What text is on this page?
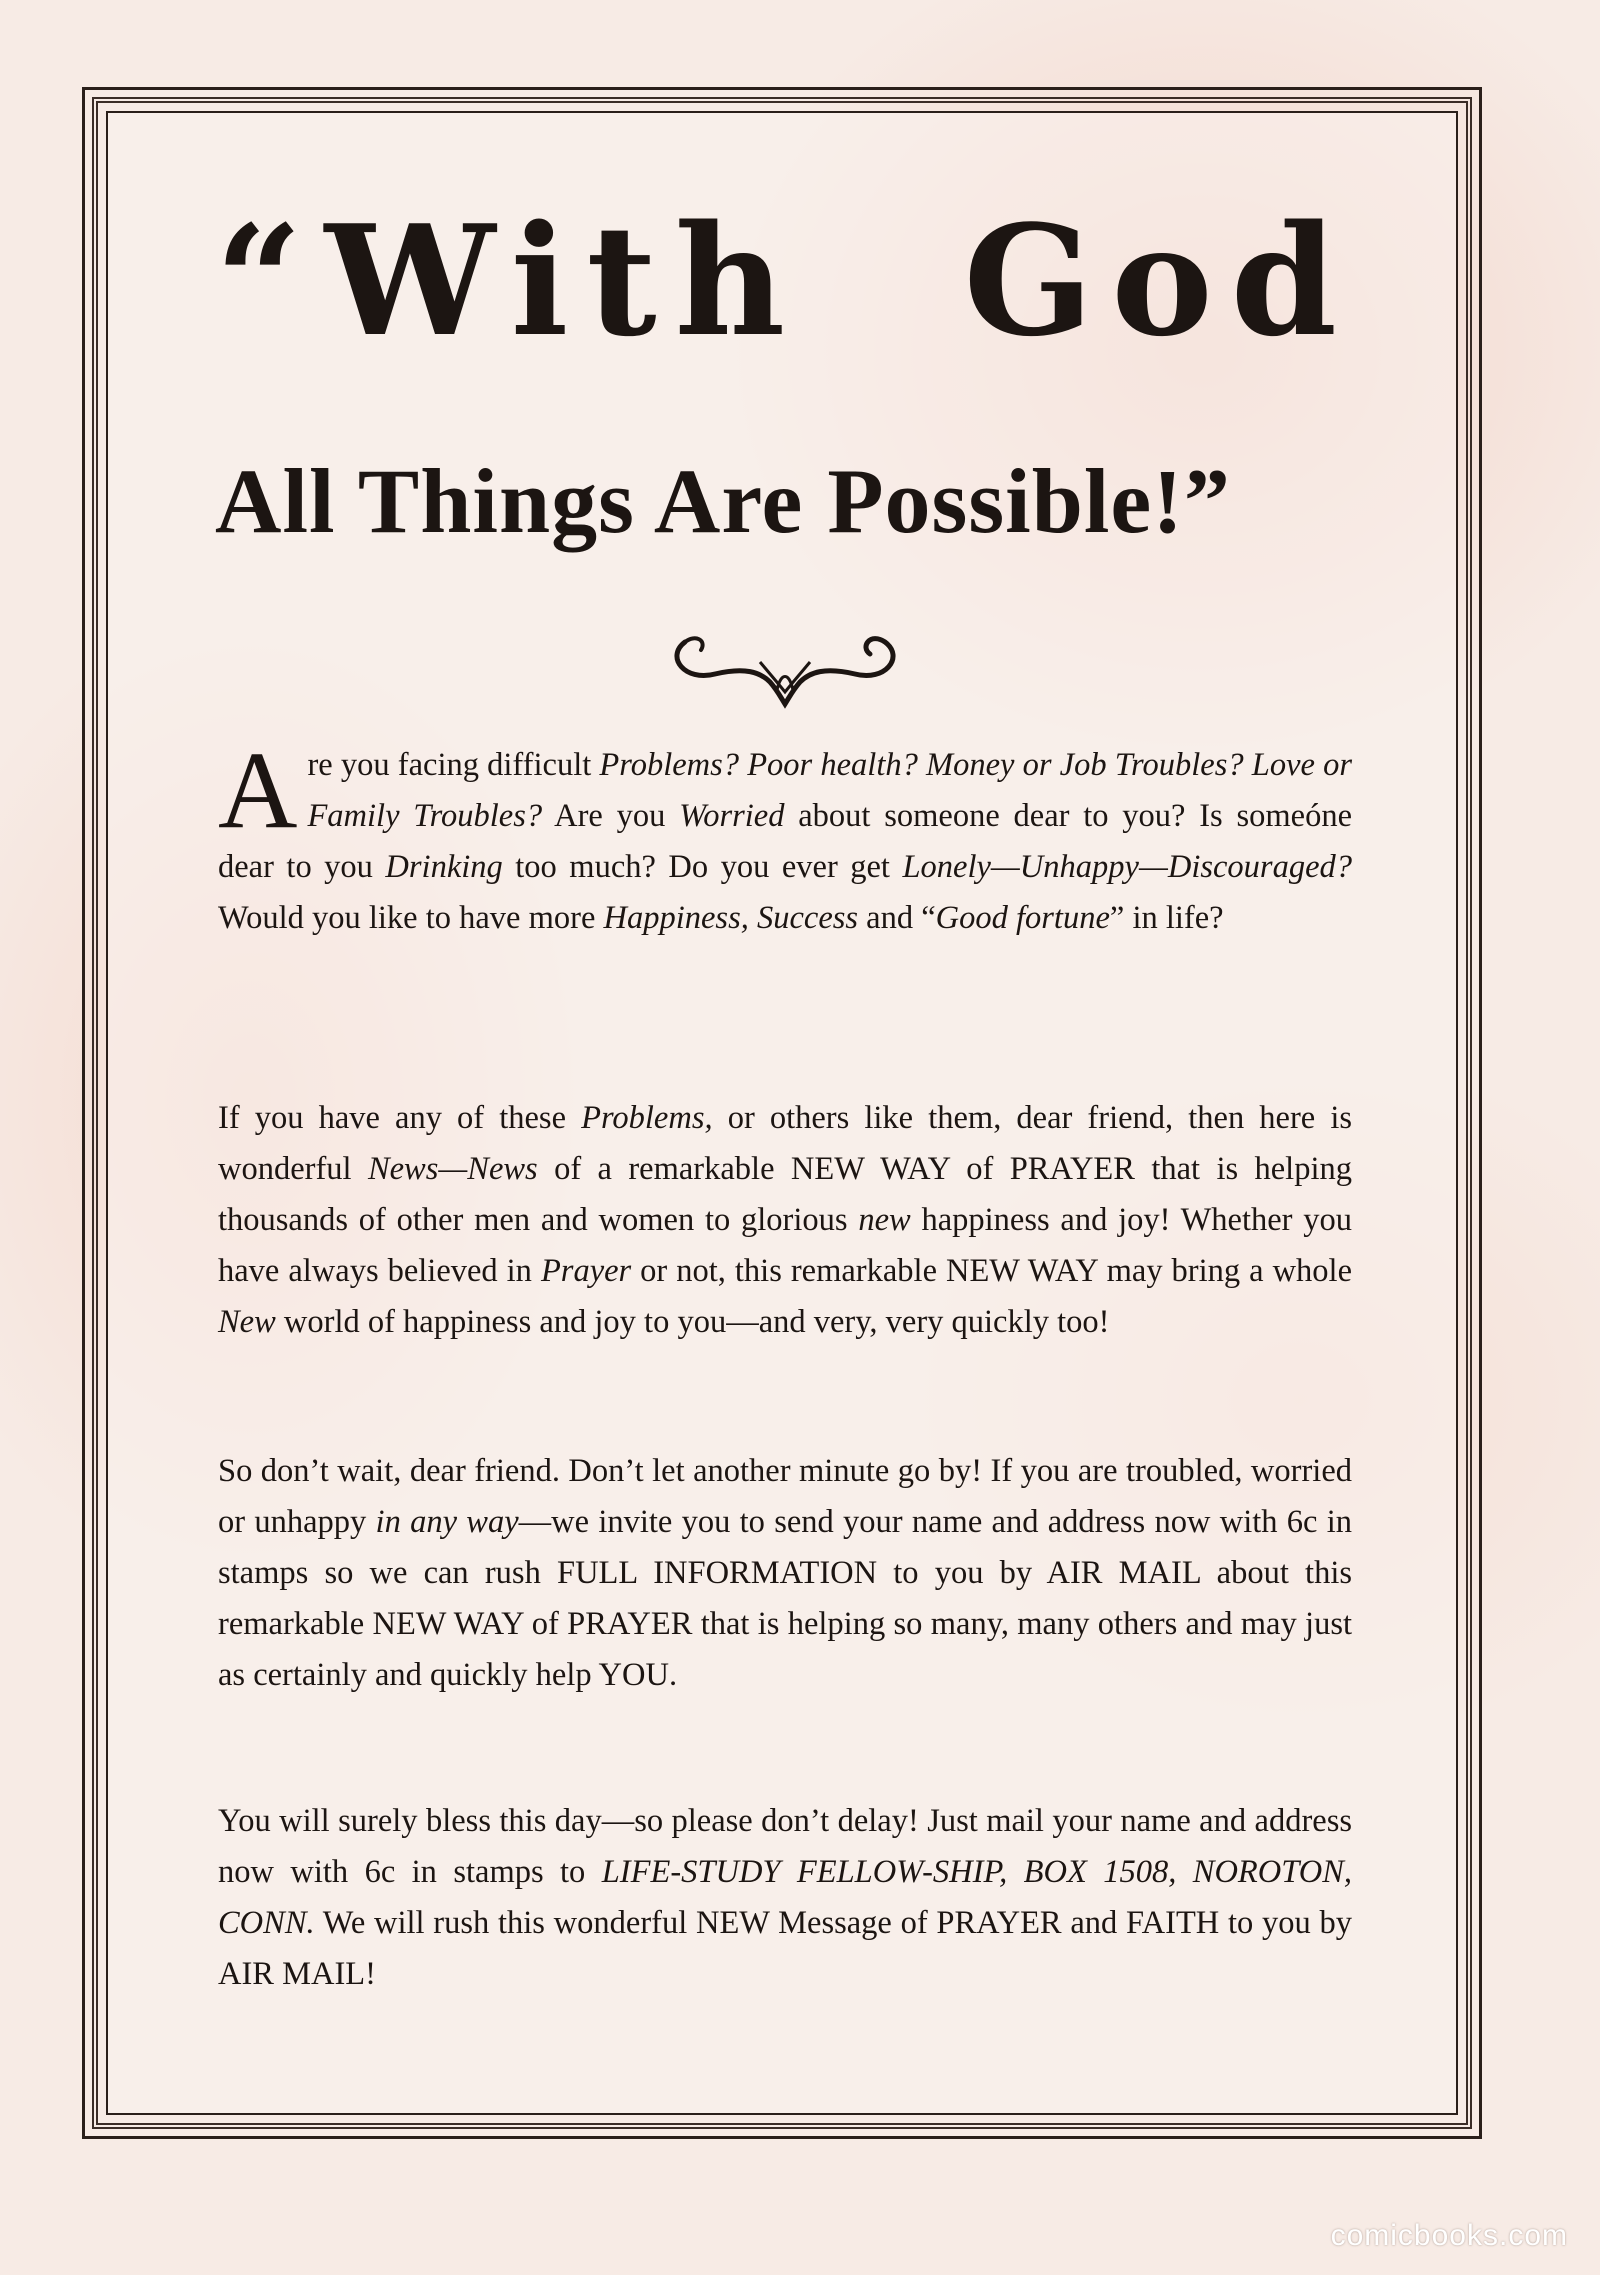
“With God
All Things Are Possible!”

Are you facing difficult Problems? Poor health? Money or Job Troubles? Love or Family Troubles? Are you Worried about someone dear to you? Is someóne dear to you Drinking too much? Do you ever get Lonely—Unhappy—Discouraged? Would you like to have more Happiness, Success and “Good fortune” in life?

If you have any of these Problems, or others like them, dear friend, then here is wonderful News—News of a remarkable NEW WAY of PRAYER that is helping thousands of other men and women to glorious new happiness and joy! Whether you have always believed in Prayer or not, this remarkable NEW WAY may bring a whole New world of happiness and joy to you—and very, very quickly too!

So don’t wait, dear friend. Don’t let another minute go by! If you are troubled, worried or unhappy in any way—we invite you to send your name and address now with 6c in stamps so we can rush FULL INFORMATION to you by AIR MAIL about this remarkable NEW WAY of PRAYER that is helping so many, many others and may just as certainly and quickly help YOU.

You will surely bless this day—so please don’t delay! Just mail your name and address now with 6c in stamps to LIFE-STUDY FELLOW-SHIP, BOX 1508, NOROTON, CONN. We will rush this wonderful NEW Message of PRAYER and FAITH to you by AIR MAIL!

comicbooks.com
